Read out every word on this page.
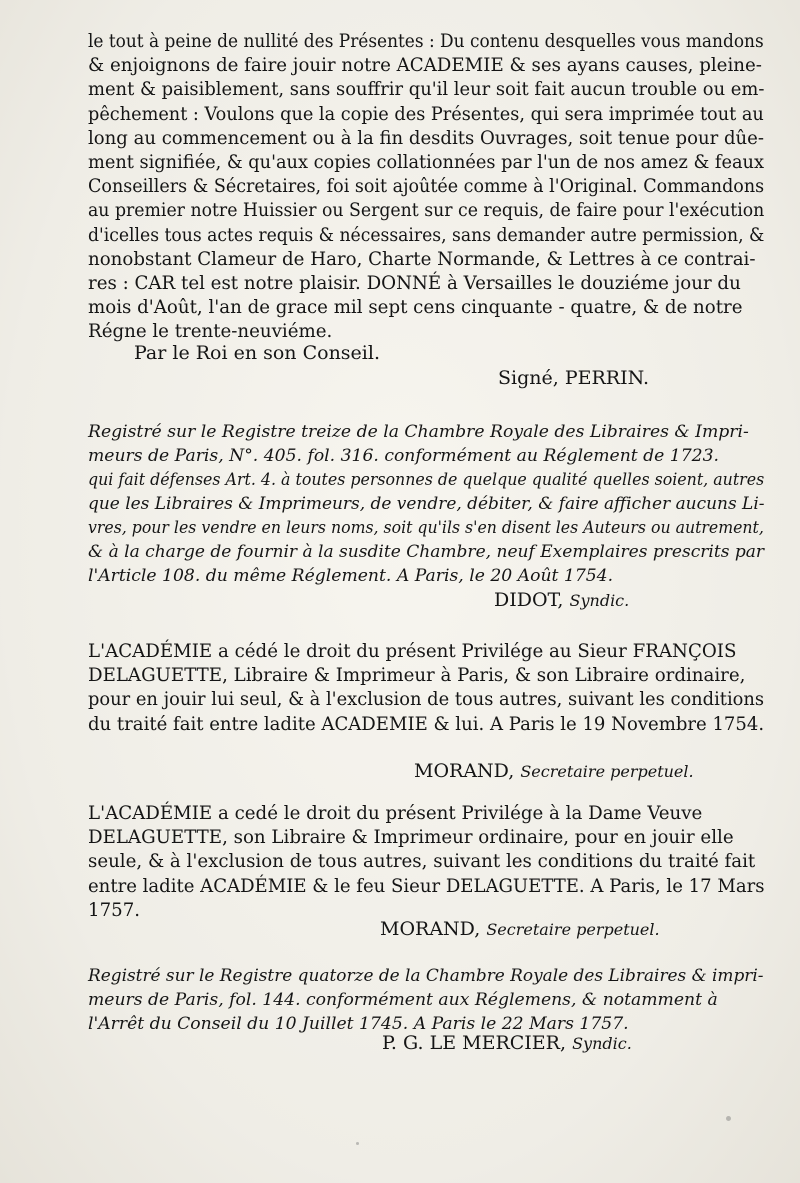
le tout à peine de nullité des Présentes : Du contenu desquelles vous mandons
& enjoignons de faire jouir notre ACADEMIE & ses ayans causes, pleine-
ment & paisiblement, sans souffrir qu'il leur soit fait aucun trouble ou em-
pêchement : Voulons que la copie des Présentes, qui sera imprimée tout au
long au commencement ou à la fin desdits Ouvrages, soit tenue pour dûe-
ment signifiée, & qu'aux copies collationnées par l'un de nos amez & feaux
Conseillers & Sécretaires, foi soit ajoûtée comme à l'Original. Commandons
au premier notre Huissier ou Sergent sur ce requis, de faire pour l'exécution
d'icelles tous actes requis & nécessaires, sans demander autre permission, &
nonobstant Clameur de Haro, Charte Normande, & Lettres à ce contrai-
res : CAR tel est notre plaisir. DONNÉ à Versailles le douziéme jour du
mois d'Août, l'an de grace mil sept cens cinquante - quatre, & de notre
Régne le trente-neuviéme.
Par le Roi en son Conseil.
Signé, PERRIN.
Registré sur le Registre treize de la Chambre Royale des Libraires & Impri-
meurs de Paris, N°. 405. fol. 316. conformément au Réglement de 1723.
qui fait défenses Art. 4. à toutes personnes de quelque qualité quelles soient, autres
que les Libraires & Imprimeurs, de vendre, débiter, & faire afficher aucuns Li-
vres, pour les vendre en leurs noms, soit qu'ils s'en disent les Auteurs ou autrement,
& à la charge de fournir à la susdite Chambre, neuf Exemplaires prescrits par
l'Article 108. du même Réglement. A Paris, le 20 Août 1754.
DIDOT, Syndic.
L'ACADÉMIE a cédé le droit du présent Privilége au Sieur FRANÇOIS
DELAGUETTE, Libraire & Imprimeur à Paris, & son Libraire ordinaire,
pour en jouir lui seul, & à l'exclusion de tous autres, suivant les conditions
du traité fait entre ladite ACADEMIE & lui. A Paris le 19 Novembre 1754.
MORAND, Secretaire perpetuel.
L'ACADÉMIE a cedé le droit du présent Privilége à la Dame Veuve
DELAGUETTE, son Libraire & Imprimeur ordinaire, pour en jouir elle
seule, & à l'exclusion de tous autres, suivant les conditions du traité fait
entre ladite ACADÉMIE & le feu Sieur DELAGUETTE. A Paris, le 17 Mars
1757.
MORAND, Secretaire perpetuel.
Registré sur le Registre quatorze de la Chambre Royale des Libraires & impri-
meurs de Paris, fol. 144. conformément aux Réglemens, & notamment à
l'Arrêt du Conseil du 10 Juillet 1745. A Paris le 22 Mars 1757.
P. G. LE MERCIER, Syndic.
